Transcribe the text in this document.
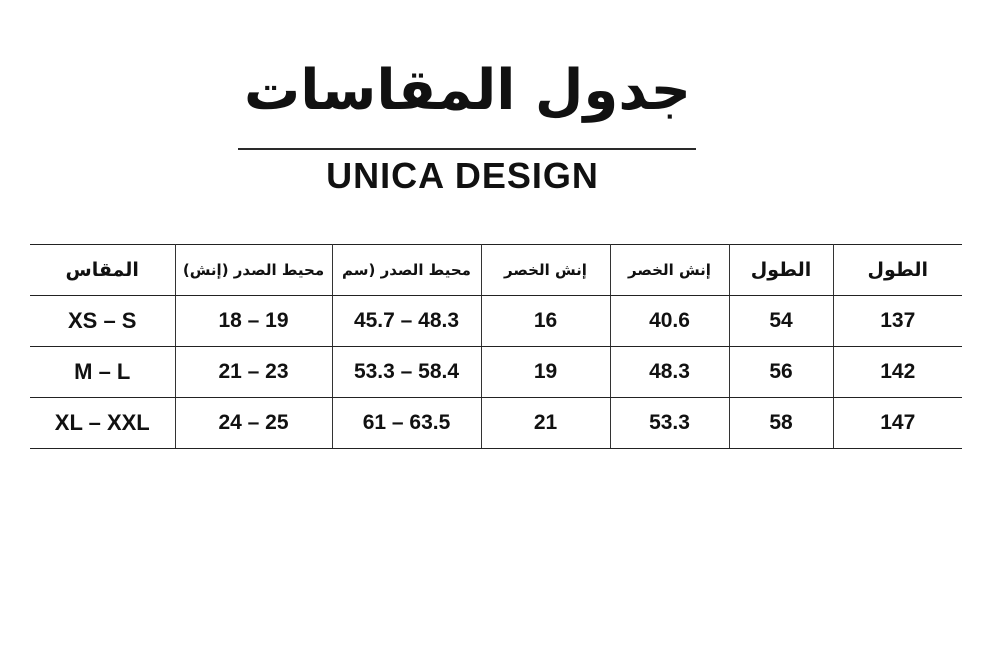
جدول المقاسات
UNICA DESIGN
المقاس	محيط الصدر (إنش)	محيط الصدر (سم	إنش الخصر	إنش الخصر	الطول	الطول
XS – S	18 – 19	45.7 – 48.3	16	40.6	54	137
M – L	21 – 23	53.3 – 58.4	19	48.3	56	142
XL – XXL	24 – 25	61 – 63.5	21	53.3	58	147
